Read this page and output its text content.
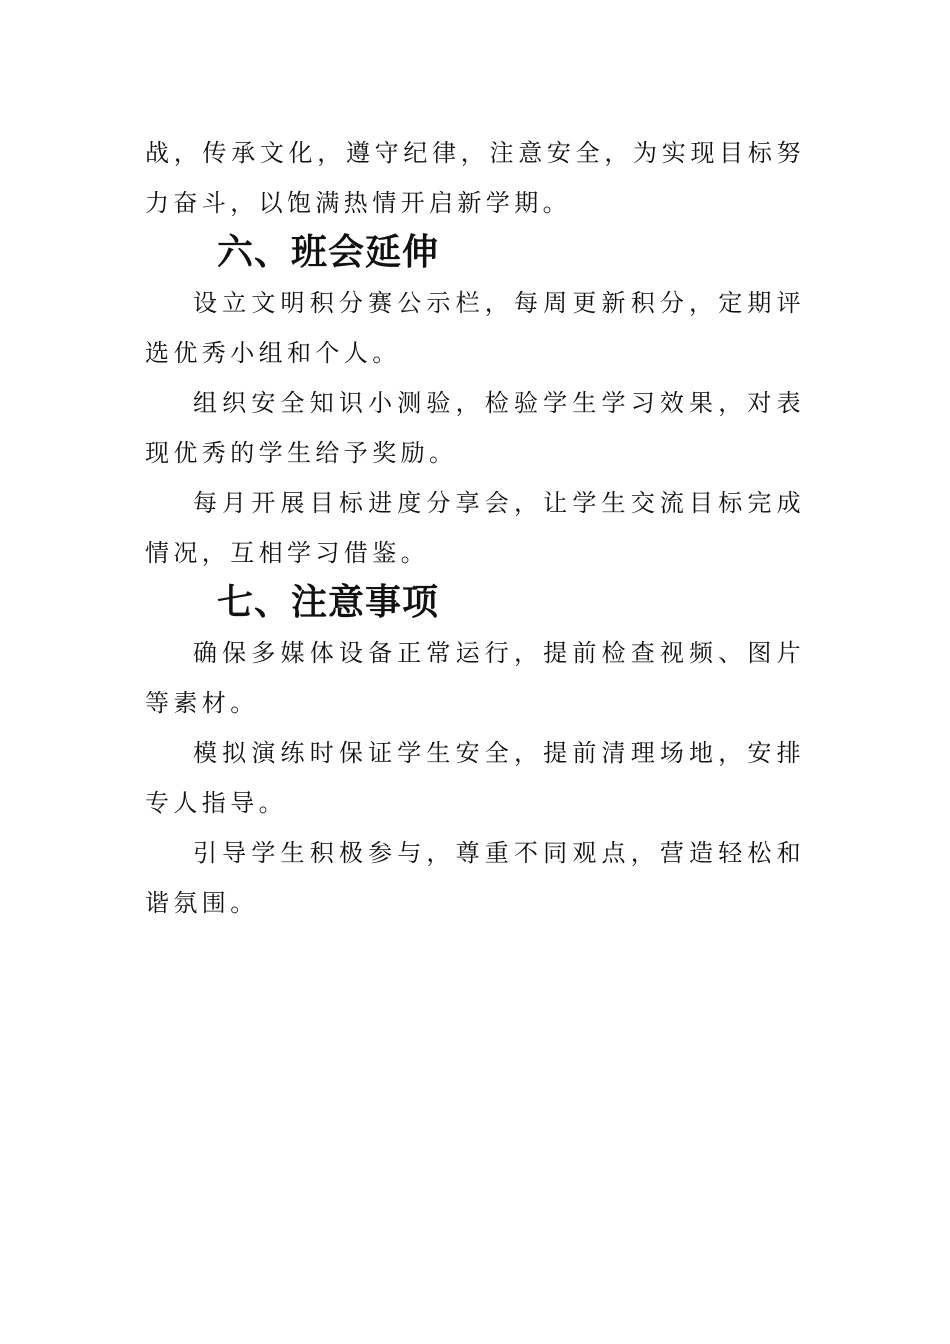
战，传承文化，遵守纪律，注意安全，为实现目标努力奋斗，以饱满热情开启新学期。

六、班会延伸

设立文明积分赛公示栏，每周更新积分，定期评选优秀小组和个人。

组织安全知识小测验，检验学生学习效果，对表现优秀的学生给予奖励。

每月开展目标进度分享会，让学生交流目标完成情况，互相学习借鉴。

七、注意事项

确保多媒体设备正常运行，提前检查视频、图片等素材。

模拟演练时保证学生安全，提前清理场地，安排专人指导。

引导学生积极参与，尊重不同观点，营造轻松和谐氛围。
